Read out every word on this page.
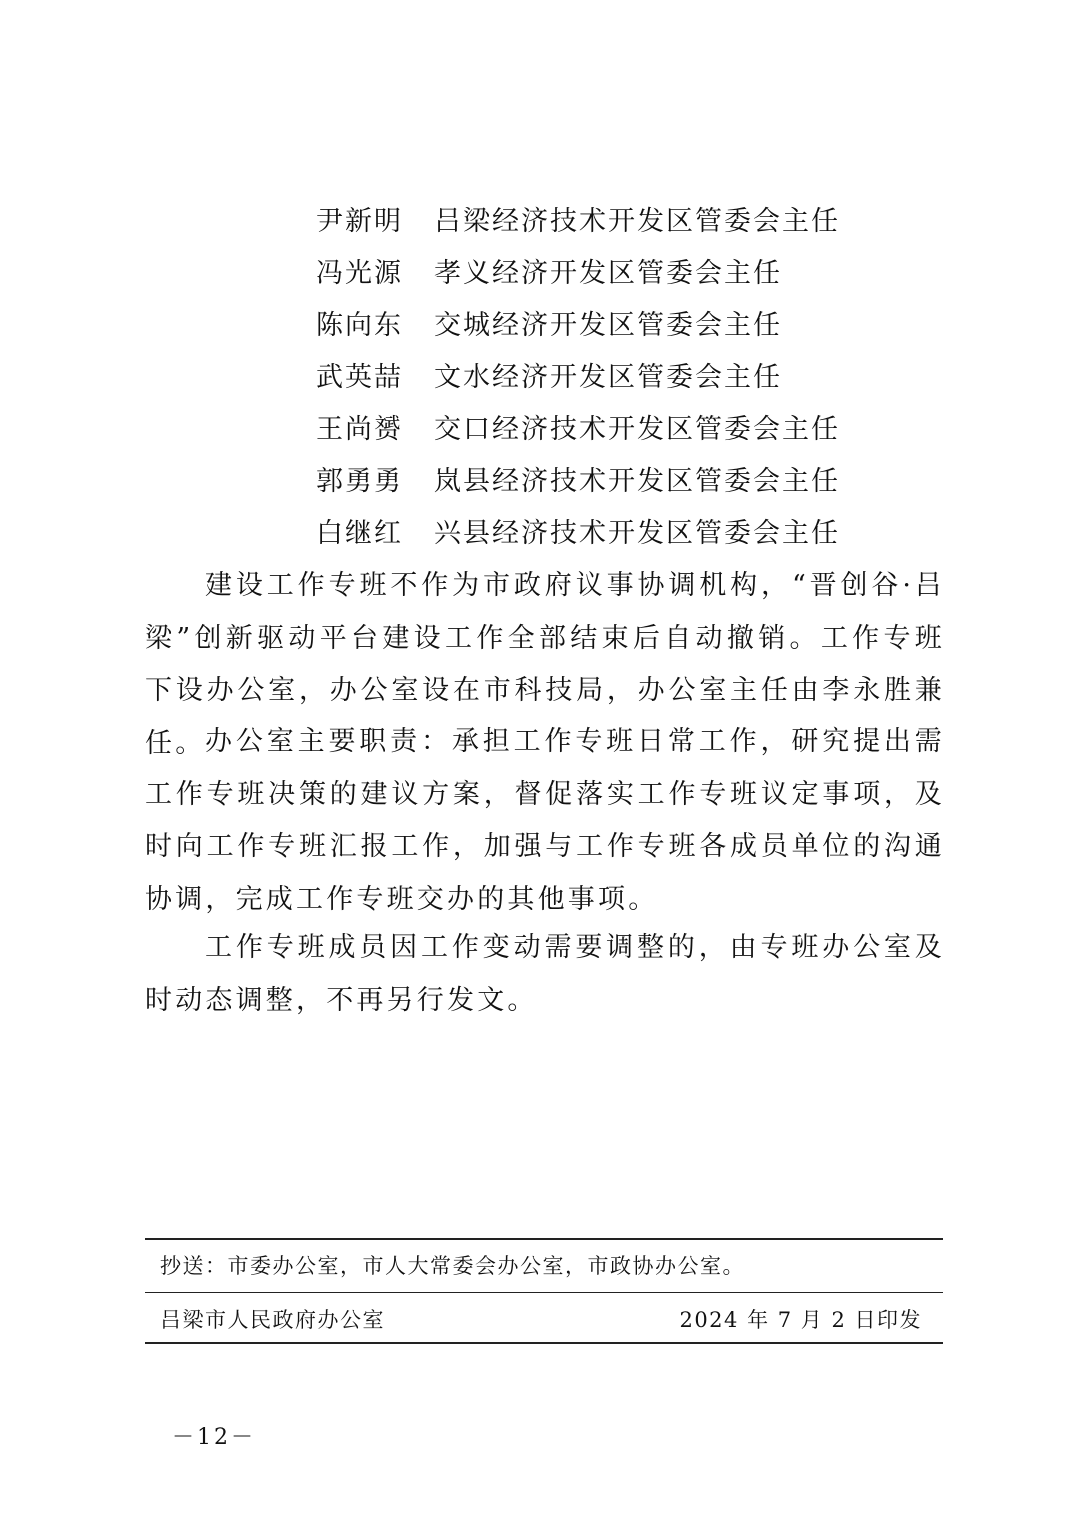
尹新明 吕梁经济技术开发区管委会主任
冯光源 孝义经济开发区管委会主任
陈向东 交城经济开发区管委会主任
武英喆 文水经济开发区管委会主任
王尚赟 交口经济技术开发区管委会主任
郭勇勇 岚县经济技术开发区管委会主任
白继红 兴县经济技术开发区管委会主任

建设工作专班不作为市政府议事协调机构，“晋创谷·吕梁”创新驱动平台建设工作全部结束后自动撤销。工作专班下设办公室，办公室设在市科技局，办公室主任由李永胜兼任。 办公室主要职责：承担工作专班日常工作，研究提出需工作专班决策的建议方案，督促落实工作专班议定事项，及时向工作专班汇报工作，加强与工作专班各成员单位的沟通协调，完成工作专班交办的其他事项。

工作专班成员因工作变动需要调整的，由专班办公室及时动态调整，不再另行发文。

抄送：市委办公室，市人大常委会办公室，市政协办公室。
吕梁市人民政府办公室	2024 年 7 月 2 日印发
－12－
